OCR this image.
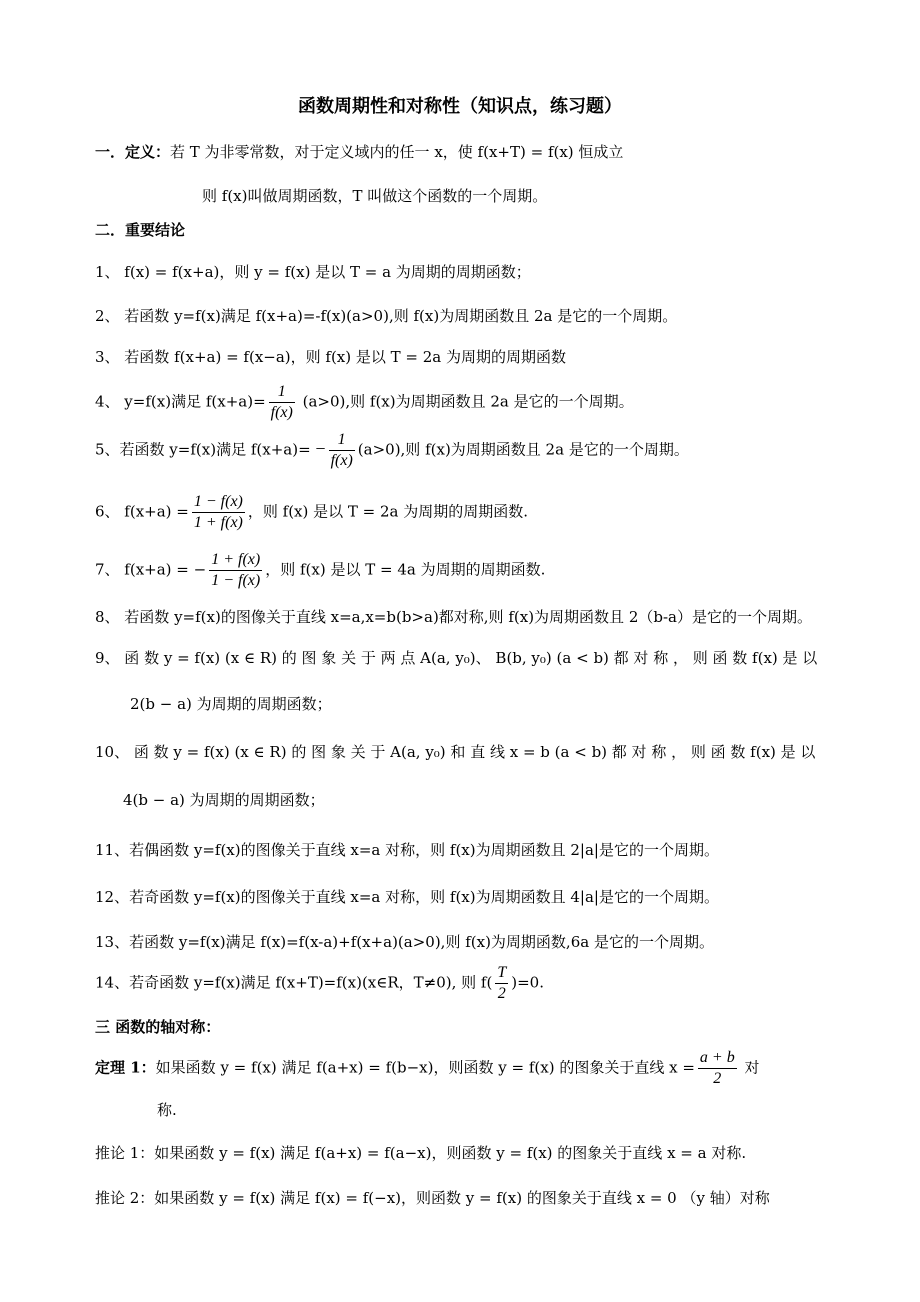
函数周期性和对称性（知识点，练习题）
一．定义：若 T 为非零常数，对于定义域内的任一 x，使 f(x+T) = f(x) 恒成立
则 f(x)叫做周期函数，T 叫做这个函数的一个周期。
二．重要结论
1、 f(x) = f(x+a)，则 y = f(x) 是以 T = a 为周期的周期函数；
2、 若函数 y=f(x)满足 f(x+a)=-f(x)(a>0),则 f(x)为周期函数且 2a 是它的一个周期。
3、 若函数 f(x+a) = f(x−a)，则 f(x) 是以 T = 2a 为周期的周期函数
4、 y=f(x)满足 $f(x+a)= \frac{1}{f(x)} (a>0)$,则 f(x)为周期函数且 2a 是它的一个周期。
5、若函数 y=f(x)满足 $f(x+a)= - \frac{1}{f(x)} (a>0)$,则 f(x)为周期函数且 2a 是它的一个周期。
6、 $f(x+a) = \frac{1 - f(x)}{1 + f(x)}$ ，则 f(x) 是以 T = 2a 为周期的周期函数.
7、 f(x+a) = − $\frac{1 + f(x)}{1 - f(x)}$ ，则 f(x) 是以 T = 4a 为周期的周期函数.
8、 若函数 y=f(x)的图像关于直线 x=a,x=b(b>a)都对称,则 f(x)为周期函数且 2（b-a）是它的一个周期。
9、 函 数 y = f(x) (x ∈ R) 的 图 象 关 于 两 点 A(a, y₀)、 B(b, y₀) (a < b) 都 对 称 ， 则 函 数 f(x) 是 以
2(b − a) 为周期的周期函数；
10、 函 数 y = f(x) (x ∈ R) 的 图 象 关 于 A(a, y₀) 和 直 线 x = b (a < b) 都 对 称 ， 则 函 数 f(x) 是 以
4(b − a) 为周期的周期函数；
11、若偶函数 y=f(x)的图像关于直线 x=a 对称，则 f(x)为周期函数且 2|a|是它的一个周期。
12、若奇函数 y=f(x)的图像关于直线 x=a 对称，则 f(x)为周期函数且 4|a|是它的一个周期。
13、若函数 y=f(x)满足 f(x)=f(x-a)+f(x+a)(a>0),则 f(x)为周期函数,6a 是它的一个周期。
14、若奇函数 y=f(x)满足 f(x+T)=f(x)(x∈R，T≠0), 则 $f( \frac{T}{2} )=0$.
三 函数的轴对称：
定理 1：如果函数 y = f(x) 满足 f(a+x) = f(b−x)，则函数 y = f(x) 的图象关于直线 $x = \frac{a + b}{2}$ 对
称.
推论 1：如果函数 y = f(x) 满足 f(a+x) = f(a−x)，则函数 y = f(x) 的图象关于直线 x = a 对称.
推论 2：如果函数 y = f(x) 满足 f(x) = f(−x)，则函数 y = f(x) 的图象关于直线 x = 0 （y 轴）对称
